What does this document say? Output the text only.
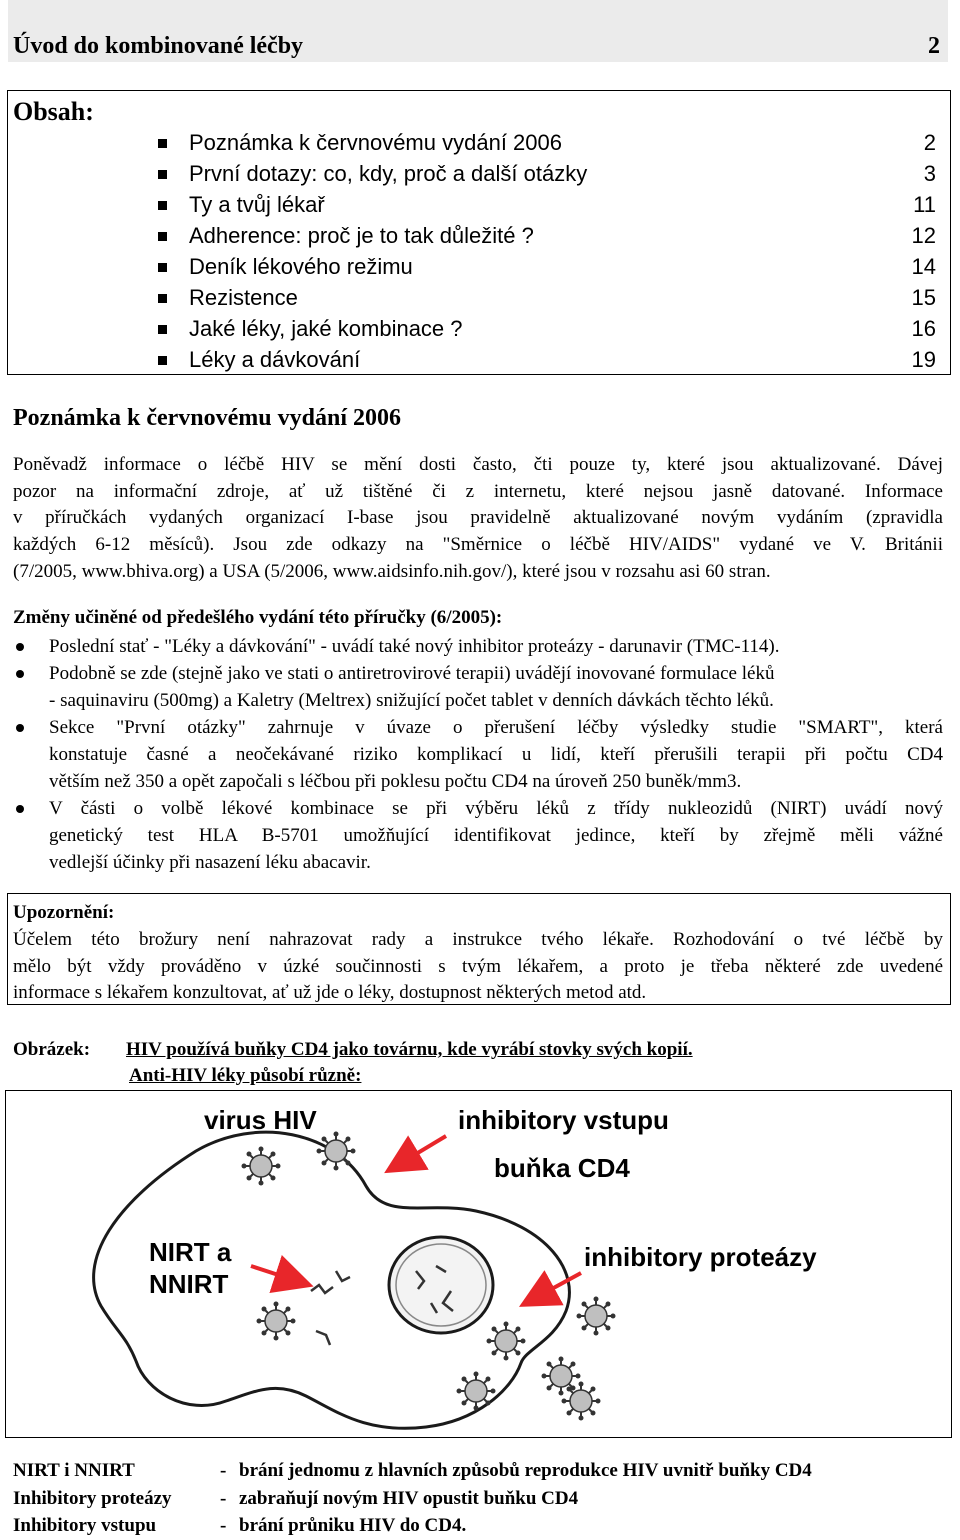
Úvod do kombinované léčby	2
Obsah:
Poznámka k červnovému vydání 2006	2
První dotazy: co, kdy, proč a další otázky	3
Ty a tvůj lékař	11
Adherence: proč je to tak důležité ?	12
Deník lékového režimu	14
Rezistence	15
Jaké léky, jaké kombinace ?	16
Léky a dávkování	19
Poznámka k červnovému vydání 2006
Poněvadž informace o léčbě HIV se mění dosti často, čti pouze ty, které jsou aktualizované. Dávej
pozor na informační zdroje, ať už tištěné či z internetu, které nejsou jasně datované. Informace
v příručkách vydaných organizací I-base jsou pravidelně aktualizované novým vydáním (zpravidla
každých 6-12 měsíců). Jsou zde odkazy na "Směrnice o léčbě HIV/AIDS" vydané ve V. Británii
(7/2005, www.bhiva.org) a USA (5/2006, www.aidsinfo.nih.gov/), které jsou v rozsahu asi 60 stran.
Změny učiněné od předešlého vydání této příručky (6/2005):
Poslední stať - "Léky a dávkování" - uvádí také nový inhibitor proteázy - darunavir (TMC-114).
Podobně se zde (stejně jako ve stati o antiretrovirové terapii) uvádějí inovované formulace léků
- saquinaviru (500mg) a Kaletry (Meltrex) snižující počet tablet v denních dávkách těchto léků.
Sekce "První otázky" zahrnuje v úvaze o přerušení léčby výsledky studie "SMART", která
konstatuje časné a neočekávané riziko komplikací u lidí, kteří přerušili terapii při počtu CD4
větším než 350 a opět započali s léčbou při poklesu počtu CD4 na úroveň 250 buněk/mm3.
V části o volbě lékové kombinace se při výběru léků z třídy nukleozidů (NIRT) uvádí nový
genetický test HLA B-5701 umožňující identifikovat jedince, kteří by zřejmě měli vážné
vedlejší účinky při nasazení léku abacavir.
Upozornění:
Účelem této brožury není nahrazovat rady a instrukce tvého lékaře. Rozhodování o tvé léčbě by
mělo být vždy prováděno v úzké součinnosti s tvým lékařem, a proto je třeba některé zde uvedené
informace s lékařem konzultovat, ať už jde o léky, dostupnost některých metod atd.
Obrázek: HIV používá buňky CD4 jako továrnu, kde vyrábí stovky svých kopií.
Anti-HIV léky působí různě:
virus HIV	inhibitory vstupu
buňka CD4
NIRT a
NNIRT
inhibitory proteázy
NIRT i NNIRT	- brání jednomu z hlavních způsobů reprodukce HIV uvnitř buňky CD4
Inhibitory proteázy	- zabraňují novým HIV opustit buňku CD4
Inhibitory vstupu	- brání průniku HIV do CD4.
